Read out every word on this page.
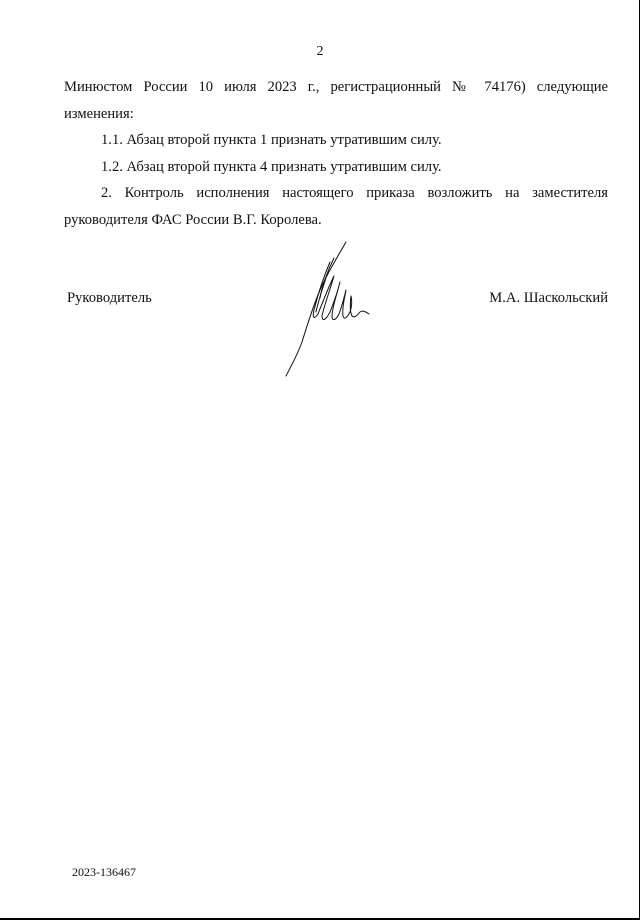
2

Минюстом России 10 июля 2023 г., регистрационный № 74176) следующие

изменения:

1.1. Абзац второй пункта 1 признать утратившим силу.

1.2. Абзац второй пункта 4 признать утратившим силу.

2. Контроль исполнения настоящего приказа возложить на заместителя

руководителя ФАС России В.Г. Королева.

Руководитель	М.А. Шаскольский
2023-136467
